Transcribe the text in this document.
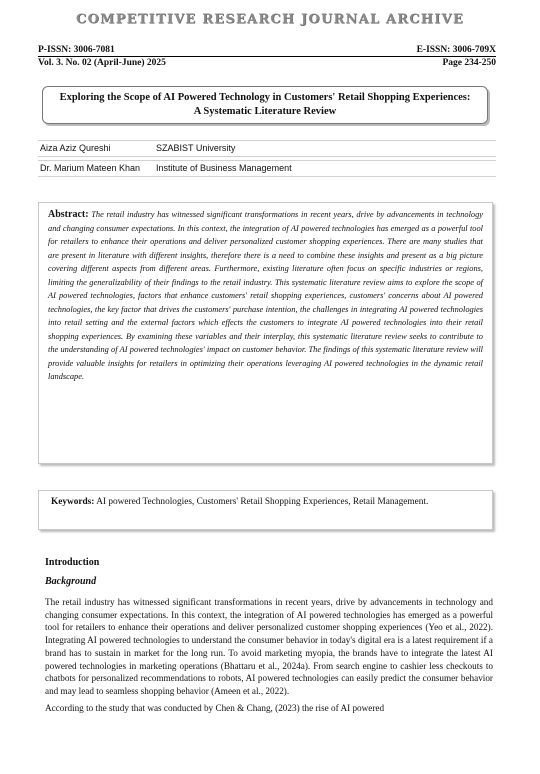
COMPETITIVE RESEARCH JOURNAL ARCHIVE
P-ISSN: 3006-7081	E-ISSN: 3006-709X
Vol. 3. No. 02 (April-June) 2025	Page 234-250
Exploring the Scope of AI Powered Technology in Customers' Retail Shopping Experiences: A Systematic Literature Review
Aiza Aziz Qureshi	SZABIST University
Dr. Marium Mateen Khan	Institute of Business Management
Abstract: The retail industry has witnessed significant transformations in recent years, drive by advancements in technology and changing consumer expectations. In this context, the integration of AI powered technologies has emerged as a powerful tool for retailers to enhance their operations and deliver personalized customer shopping experiences. There are many studies that are present in literature with different insights, therefore there is a need to combine these insights and present as a big picture covering different aspects from different areas. Furthermore, existing literature often focus on specific industries or regions, limiting the generalizability of their findings to the retail industry. This systematic literature review aims to explore the scope of AI powered technologies, factors that enhance customers' retail shopping experiences, customers' concerns about AI powered technologies, the key factor that drives the customers' purchase intention, the challenges in integrating AI powered technologies into retail setting and the external factors which effects the customers to integrate AI powered technologies into their retail shopping experiences. By examining these variables and their interplay, this systematic literature review seeks to contribute to the understanding of AI powered technologies' impact on customer behavior. The findings of this systematic literature review will provide valuable insights for retailers in optimizing their operations leveraging AI powered technologies in the dynamic retail landscape.
Keywords: AI powered Technologies, Customers' Retail Shopping Experiences, Retail Management.
Introduction
Background

The retail industry has witnessed significant transformations in recent years, drive by advancements in technology and changing consumer expectations. In this context, the integration of AI powered technologies has emerged as a powerful tool for retailers to enhance their operations and deliver personalized customer shopping experiences (Yeo et al., 2022). Integrating AI powered technologies to understand the consumer behavior in today's digital era is a latest requirement if a brand has to sustain in market for the long run. To avoid marketing myopia, the brands have to integrate the latest AI powered technologies in marketing operations (Bhattaru et al., 2024a). From search engine to cashier less checkouts to chatbots for personalized recommendations to robots, AI powered technologies can easily predict the consumer behavior and may lead to seamless shopping behavior (Ameen et al., 2022).

According to the study that was conducted by Chen & Chang, (2023) the rise of AI powered
